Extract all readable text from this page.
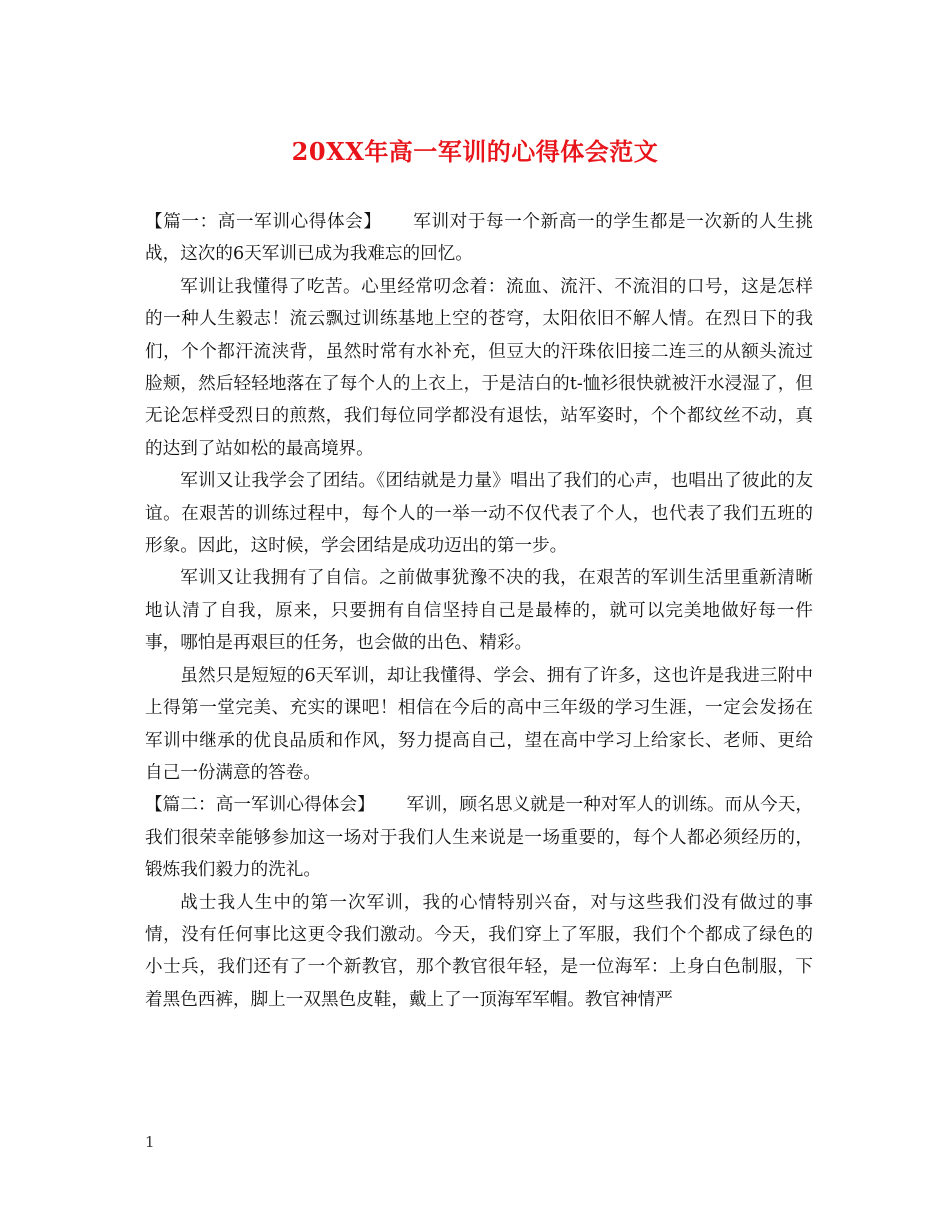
20XX年高一军训的心得体会范文

【篇一：高一军训心得体会】 军训对于每一个新高一的学生都是一次新的人生挑战，这次的6天军训已成为我难忘的回忆。

军训让我懂得了吃苦。心里经常叨念着：流血、流汗、不流泪的口号，这是怎样的一种人生毅志！流云飘过训练基地上空的苍穹，太阳依旧不解人情。在烈日下的我们，个个都汗流浃背，虽然时常有水补充，但豆大的汗珠依旧接二连三的从额头流过脸颊，然后轻轻地落在了每个人的上衣上，于是洁白的t-恤衫很快就被汗水浸湿了，但无论怎样受烈日的煎熬，我们每位同学都没有退怯，站军姿时，个个都纹丝不动，真的达到了站如松的最高境界。

军训又让我学会了团结。《团结就是力量》唱出了我们的心声，也唱出了彼此的友谊。在艰苦的训练过程中，每个人的一举一动不仅代表了个人，也代表了我们五班的形象。因此，这时候，学会团结是成功迈出的第一步。

军训又让我拥有了自信。之前做事犹豫不决的我，在艰苦的军训生活里重新清晰地认清了自我，原来，只要拥有自信坚持自己是最棒的，就可以完美地做好每一件事，哪怕是再艰巨的任务，也会做的出色、精彩。

虽然只是短短的6天军训，却让我懂得、学会、拥有了许多，这也许是我进三附中上得第一堂完美、充实的课吧！相信在今后的高中三年级的学习生涯，一定会发扬在军训中继承的优良品质和作风，努力提高自己，望在高中学习上给家长、老师、更给自己一份满意的答卷。

【篇二：高一军训心得体会】 军训，顾名思义就是一种对军人的训练。而从今天，我们很荣幸能够参加这一场对于我们人生来说是一场重要的，每个人都必须经历的，锻炼我们毅力的洗礼。

战士我人生中的第一次军训，我的心情特别兴奋，对与这些我们没有做过的事情，没有任何事比这更令我们激动。今天，我们穿上了军服，我们个个都成了绿色的小士兵，我们还有了一个新教官，那个教官很年轻，是一位海军：上身白色制服，下着黑色西裤，脚上一双黑色皮鞋，戴上了一顶海军军帽。教官神情严

1
